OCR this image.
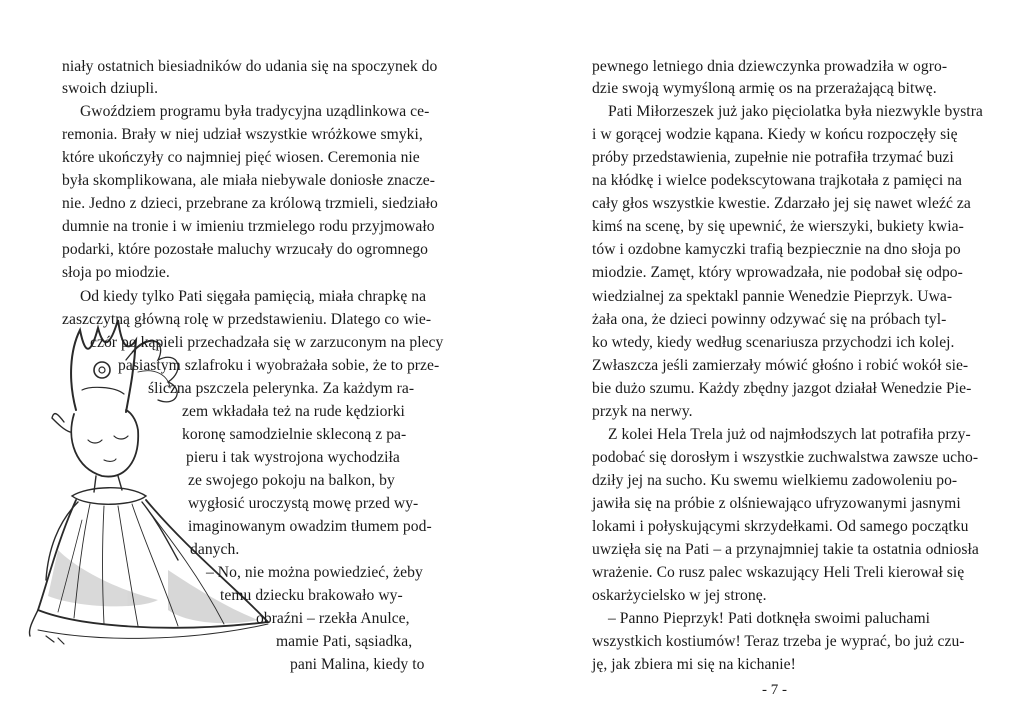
niały ostatnich biesiadników do udania się na spoczynek do
swoich dziupli.
Gwoździem programu była tradycyjna uządlinkowa ce-
remonia. Brały w niej udział wszystkie wróżkowe smyki,
które ukończyły co najmniej pięć wiosen. Ceremonia nie
była skomplikowana, ale miała niebywale doniosłe znacze-
nie. Jedno z dzieci, przebrane za królową trzmieli, siedziało
dumnie na tronie i w imieniu trzmielego rodu przyjmowało
podarki, które pozostałe maluchy wrzucały do ogromnego
słoja po miodzie.
Od kiedy tylko Pati sięgała pamięcią, miała chrapkę na
zaszczytną główną rolę w przedstawieniu. Dlatego co wie-
czór po kąpieli przechadzała się w zarzuconym na plecy
pasiastym szlafroku i wyobrażała sobie, że to prze-
śliczna pszczela pelerynka. Za każdym ra-
zem wkładała też na rude kędziorki
koronę samodzielnie skleconą z pa-
pieru i tak wystrojona wychodziła
ze swojego pokoju na balkon, by
wygłosić uroczystą mowę przed wy-
imaginowanym owadzim tłumem pod-
danych.
– No, nie można powiedzieć, żeby
temu dziecku brakowało wy-
obraźni – rzekła Anulce,
mamie Pati, sąsiadka,
pani Malina, kiedy to
pewnego letniego dnia dziewczynka prowadziła w ogro-
dzie swoją wymyśloną armię os na przerażającą bitwę.
Pati Miłorzeszek już jako pięciolatka była niezwykle bystra
i w gorącej wodzie kąpana. Kiedy w końcu rozpoczęły się
próby przedstawienia, zupełnie nie potrafiła trzymać buzi
na kłódkę i wielce podekscytowana trajkotała z pamięci na
cały głos wszystkie kwestie. Zdarzało jej się nawet wleźć za
kimś na scenę, by się upewnić, że wierszyki, bukiety kwia-
tów i ozdobne kamyczki trafią bezpiecznie na dno słoja po
miodzie. Zamęt, który wprowadzała, nie podobał się odpo-
wiedzialnej za spektakl pannie Wenedzie Pieprzyk. Uwa-
żała ona, że dzieci powinny odzywać się na próbach tyl-
ko wtedy, kiedy według scenariusza przychodzi ich kolej.
Zwłaszcza jeśli zamierzały mówić głośno i robić wokół sie-
bie dużo szumu. Każdy zbędny jazgot działał Wenedzie Pie-
przyk na nerwy.
Z kolei Hela Trela już od najmłodszych lat potrafiła przy-
podobać się dorosłym i wszystkie zuchwalstwa zawsze ucho-
dziły jej na sucho. Ku swemu wielkiemu zadowoleniu po-
jawiła się na próbie z olśniewająco ufryzowanymi jasnymi
lokami i połyskującymi skrzydełkami. Od samego początku
uwzięła się na Pati – a przynajmniej takie ta ostatnia odniosła
wrażenie. Co rusz palec wskazujący Heli Treli kierował się
oskarżycielsko w jej stronę.
– Panno Pieprzyk! Pati dotknęła swoimi paluchami
wszystkich kostiumów! Teraz trzeba je wyprać, bo już czu-
ję, jak zbiera mi się na kichanie!
- 7 -
